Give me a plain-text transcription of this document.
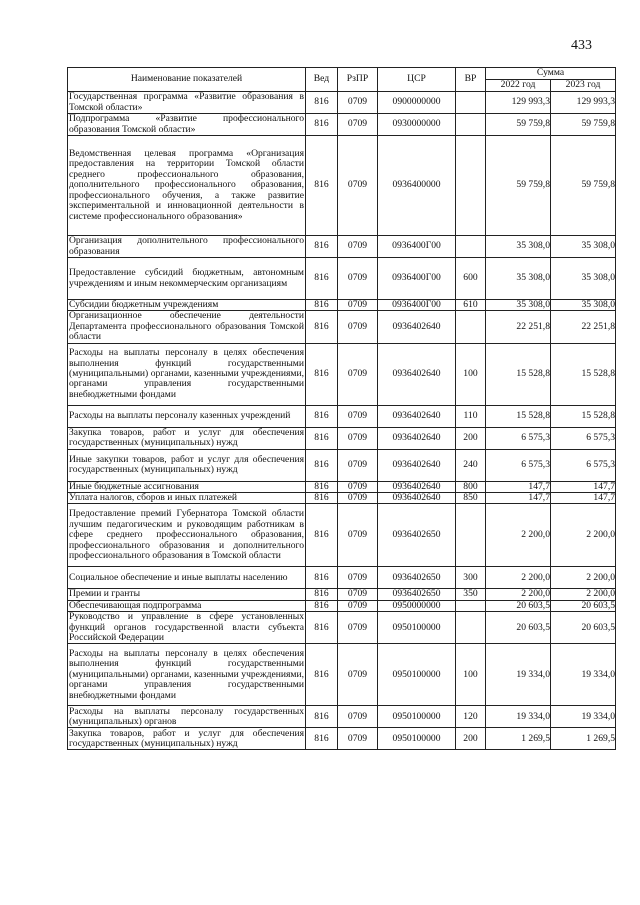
433
Наименование показателей	Вед	РзПР	ЦСР	ВР	Сумма	
					2022 год	2023 год
Государственная программа «Развитие образования в Томской области»	816	0709	0900000000		129 993,3	129 993,3
Подпрограмма «Развитие профессионального образования Томской области»	816	0709	0930000000		59 759,8	59 759,8
Ведомственная целевая программа «Организация предоставления на территории Томской области среднего профессионального образования, дополнительного профессионального образования, профессионального обучения, а также развитие экспериментальной и инновационной деятельности в системе профессионального образования»	816	0709	0936400000		59 759,8	59 759,8
Организация дополнительного профессионального образования	816	0709	0936400Г00		35 308,0	35 308,0
Предоставление субсидий бюджетным, автономным учреждениям и иным некоммерческим организациям	816	0709	0936400Г00	600	35 308,0	35 308,0
Субсидии бюджетным учреждениям	816	0709	0936400Г00	610	35 308,0	35 308,0
Организационное обеспечение деятельности Департамента профессионального образования Томской области	816	0709	0936402640		22 251,8	22 251,8
Расходы на выплаты персоналу в целях обеспечения выполнения функций государственными (муниципальными) органами, казенными учреждениями, органами управления государственными внебюджетными фондами	816	0709	0936402640	100	15 528,8	15 528,8
Расходы на выплаты персоналу казенных учреждений	816	0709	0936402640	110	15 528,8	15 528,8
Закупка товаров, работ и услуг для обеспечения государственных (муниципальных) нужд	816	0709	0936402640	200	6 575,3	6 575,3
Иные закупки товаров, работ и услуг для обеспечения государственных (муниципальных) нужд	816	0709	0936402640	240	6 575,3	6 575,3
Иные бюджетные ассигнования	816	0709	0936402640	800	147,7	147,7
Уплата налогов, сборов и иных платежей	816	0709	0936402640	850	147,7	147,7
Предоставление премий Губернатора Томской области лучшим педагогическим и руководящим работникам в сфере среднего профессионального образования, профессионального образования и дополнительного профессионального образования в Томской области	816	0709	0936402650		2 200,0	2 200,0
Социальное обеспечение и иные выплаты населению	816	0709	0936402650	300	2 200,0	2 200,0
Премии и гранты	816	0709	0936402650	350	2 200,0	2 200,0
Обеспечивающая подпрограмма	816	0709	0950000000		20 603,5	20 603,5
Руководство и управление в сфере установленных функций органов государственной власти субъекта Российской Федерации	816	0709	0950100000		20 603,5	20 603,5
Расходы на выплаты персоналу в целях обеспечения выполнения функций государственными (муниципальными) органами, казенными учреждениями, органами управления государственными внебюджетными фондами	816	0709	0950100000	100	19 334,0	19 334,0
Расходы на выплаты персоналу государственных (муниципальных) органов	816	0709	0950100000	120	19 334,0	19 334,0
Закупка товаров, работ и услуг для обеспечения государственных (муниципальных) нужд	816	0709	0950100000	200	1 269,5	1 269,5
